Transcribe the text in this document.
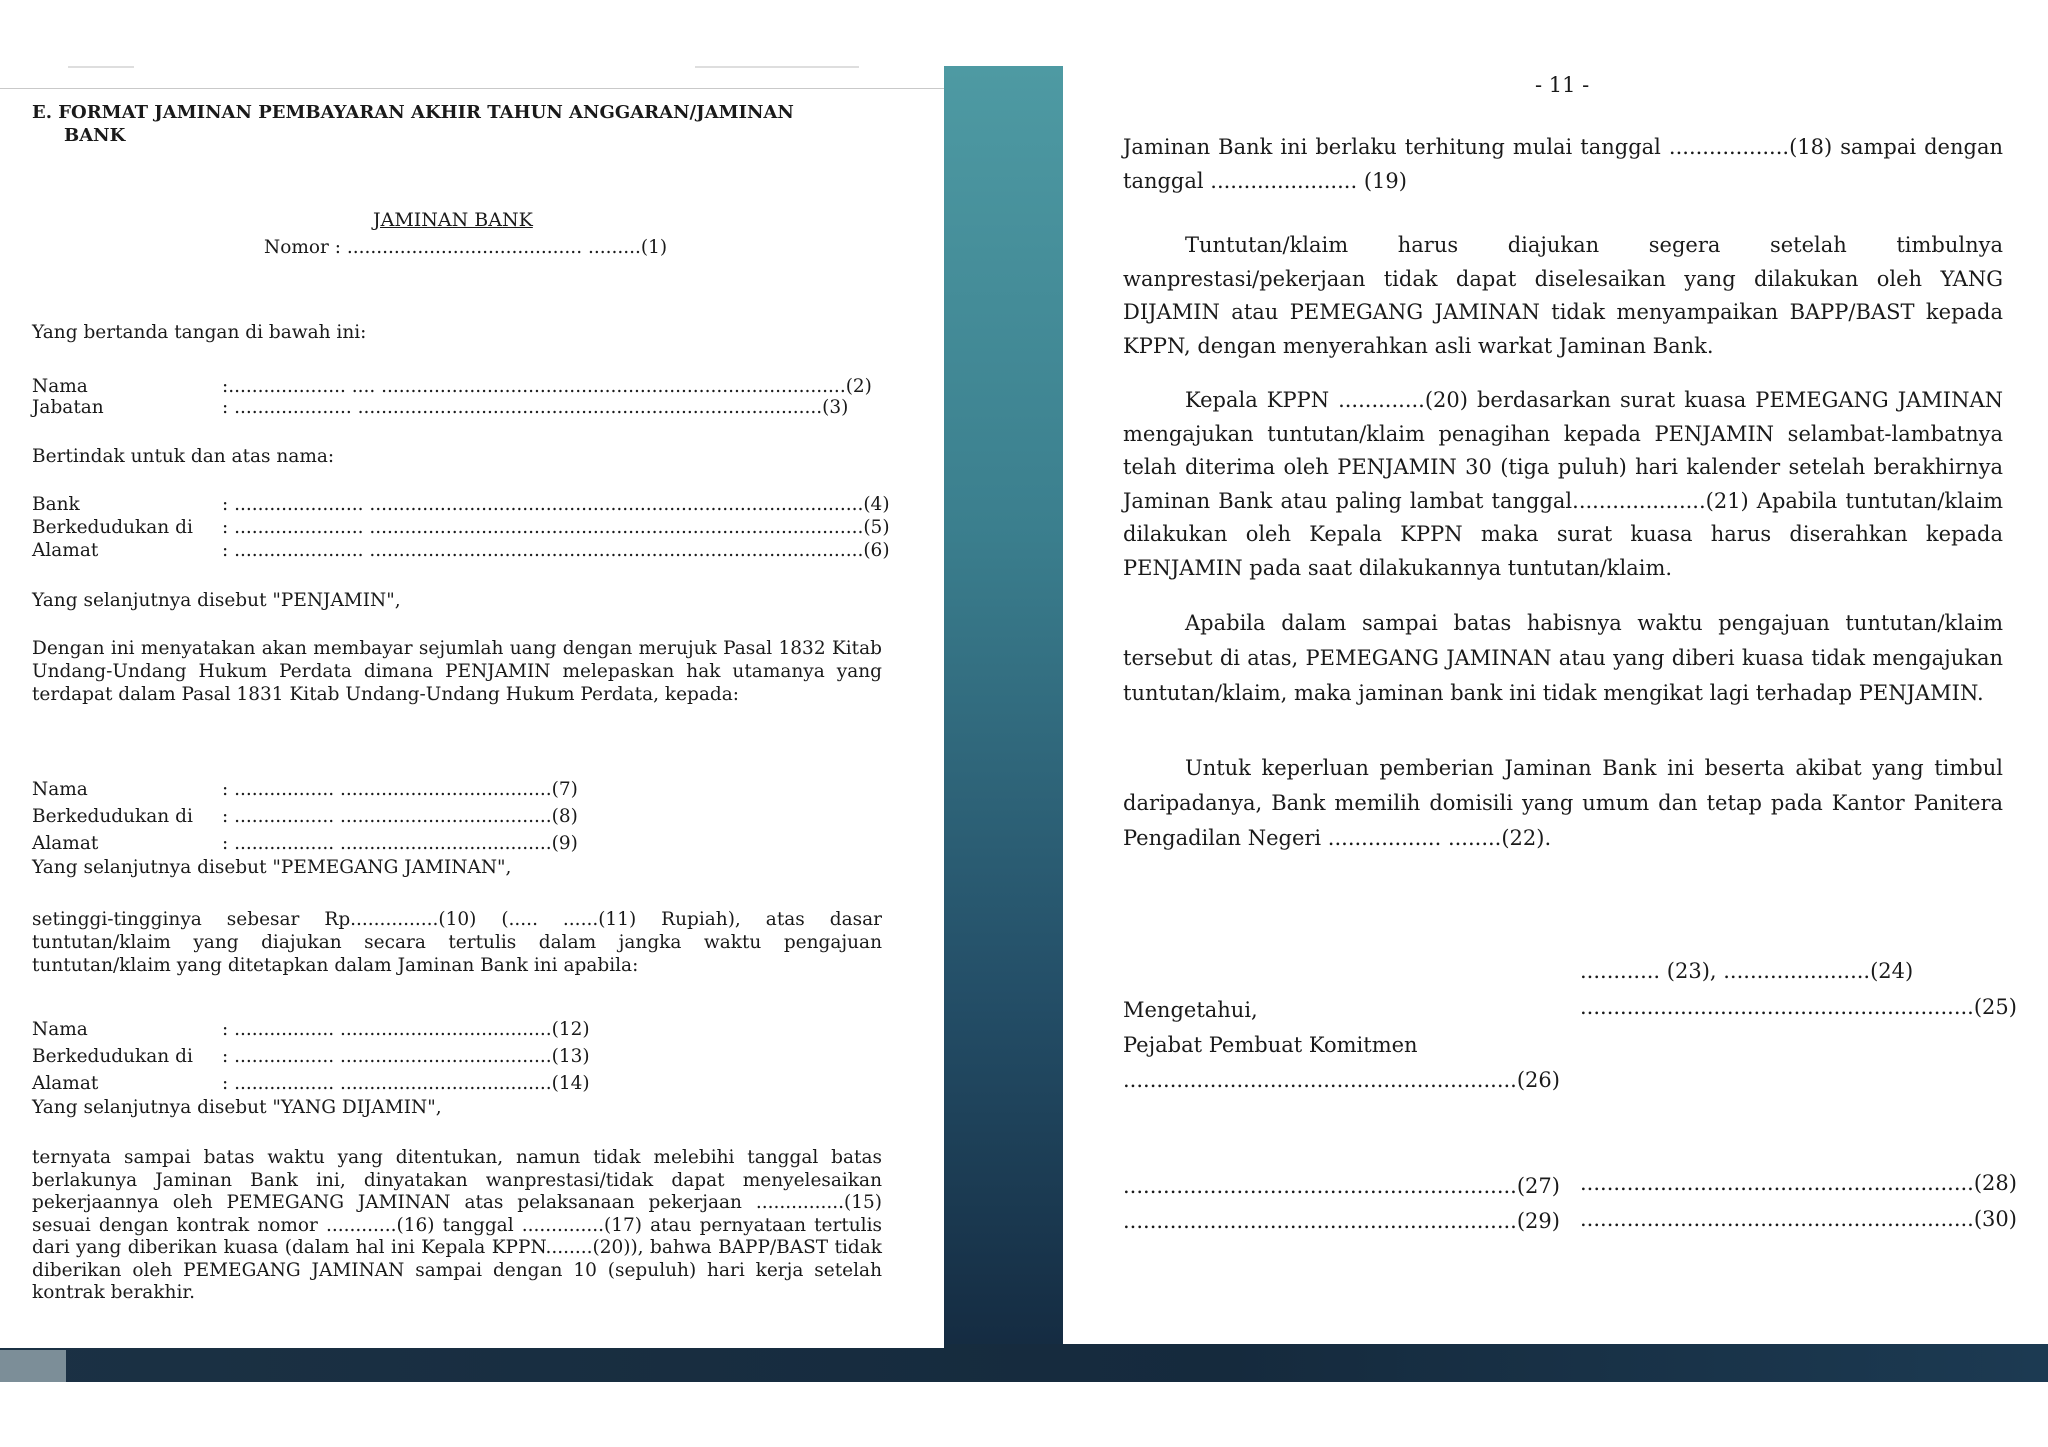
E. FORMAT JAMINAN PEMBAYARAN AKHIR TAHUN ANGGARAN/JAMINAN
BANK
JAMINAN BANK
Nomor : ........................................ .........(1)
Yang bertanda tangan di bawah ini:
Nama	:.................... .... ...............................................................................(2)
Jabatan	: .................... ...............................................................................(3)
Bertindak untuk dan atas nama:
Bank	: ...................... ....................................................................................(4)
Berkedudukan di : ...................... ....................................................................................(5)
Alamat	: ...................... ....................................................................................(6)
Yang selanjutnya disebut "PENJAMIN",
Dengan ini menyatakan akan membayar sejumlah uang dengan merujuk Pasal 1832 Kitab Undang-Undang Hukum Perdata dimana PENJAMIN melepaskan hak utamanya yang terdapat dalam Pasal 1831 Kitab Undang-Undang Hukum Perdata, kepada:
Nama	: ................. ....................................(7)
Berkedudukan di : ................. ....................................(8)
Alamat	: ................. ....................................(9)
Yang selanjutnya disebut "PEMEGANG JAMINAN",
setinggi-tingginya sebesar Rp...............(10) (..... ......(11) Rupiah), atas dasar tuntutan/klaim yang diajukan secara tertulis dalam jangka waktu pengajuan tuntutan/klaim yang ditetapkan dalam Jaminan Bank ini apabila:
Nama	: ................. ....................................(12)
Berkedudukan di : ................. ....................................(13)
Alamat	: ................. ....................................(14)
Yang selanjutnya disebut "YANG DIJAMIN",
ternyata sampai batas waktu yang ditentukan, namun tidak melebihi tanggal batas berlakunya Jaminan Bank ini, dinyatakan wanprestasi/tidak dapat menyelesaikan pekerjaannya oleh PEMEGANG JAMINAN atas pelaksanaan pekerjaan ...............(15) sesuai dengan kontrak nomor ............(16) tanggal ..............(17) atau pernyataan tertulis dari yang diberikan kuasa (dalam hal ini Kepala KPPN........(20)), bahwa BAPP/BAST tidak diberikan oleh PEMEGANG JAMINAN sampai dengan 10 (sepuluh) hari kerja setelah kontrak berakhir.
- 11 -
Jaminan Bank ini berlaku terhitung mulai tanggal ..................(18) sampai dengan tanggal ...................... (19)
Tuntutan/klaim harus diajukan segera setelah timbulnya wanprestasi/pekerjaan tidak dapat diselesaikan yang dilakukan oleh YANG DIJAMIN atau PEMEGANG JAMINAN tidak menyampaikan BAPP/BAST kepada KPPN, dengan menyerahkan asli warkat Jaminan Bank.
Kepala KPPN .............(20) berdasarkan surat kuasa PEMEGANG JAMINAN mengajukan tuntutan/klaim penagihan kepada PENJAMIN selambat-lambatnya telah diterima oleh PENJAMIN 30 (tiga puluh) hari kalender setelah berakhirnya Jaminan Bank atau paling lambat tanggal....................(21) Apabila tuntutan/klaim dilakukan oleh Kepala KPPN maka surat kuasa harus diserahkan kepada PENJAMIN pada saat dilakukannya tuntutan/klaim.
Apabila dalam sampai batas habisnya waktu pengajuan tuntutan/klaim tersebut di atas, PEMEGANG JAMINAN atau yang diberi kuasa tidak mengajukan tuntutan/klaim, maka jaminan bank ini tidak mengikat lagi terhadap PENJAMIN.
Untuk keperluan pemberian Jaminan Bank ini beserta akibat yang timbul daripadanya, Bank memilih domisili yang umum dan tetap pada Kantor Panitera Pengadilan Negeri ................. ........(22).
............ (23), ......................(24)
...........................................................(25)
Mengetahui,
Pejabat Pembuat Komitmen
...........................................................(26)
...........................................................(27) ...........................................................(28)
...........................................................(29) ...........................................................(30)
